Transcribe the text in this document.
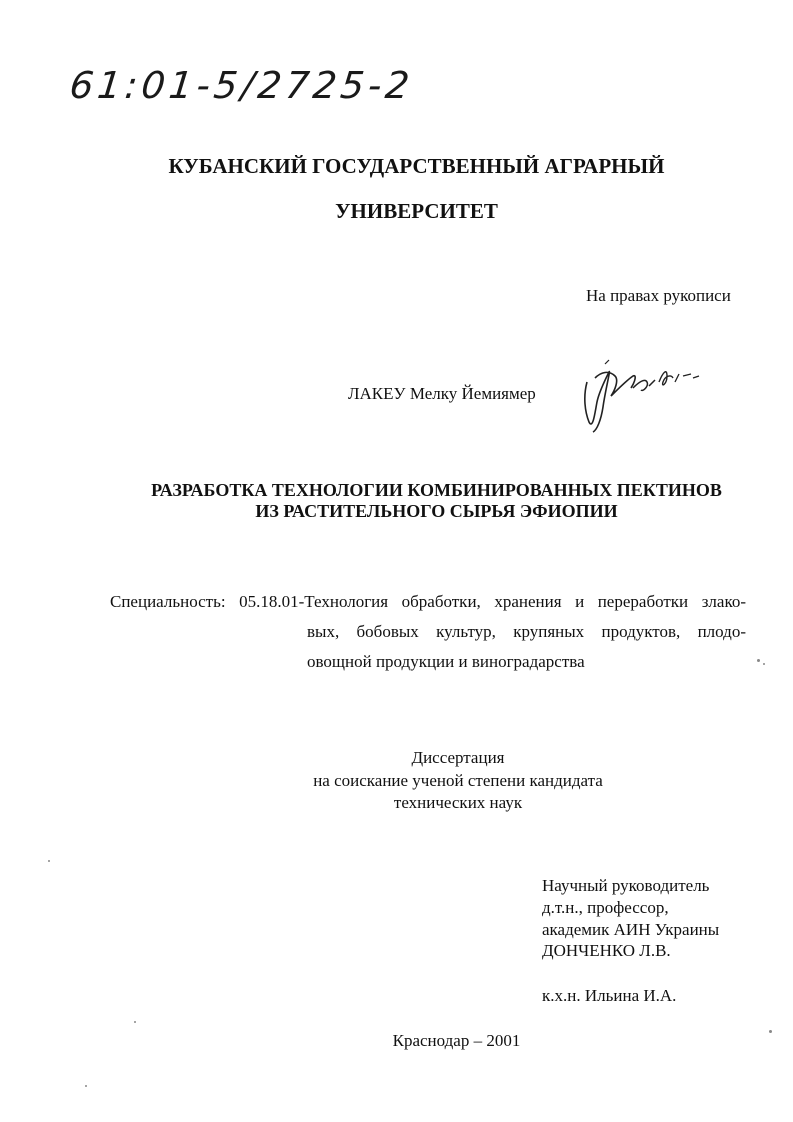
61:01-5/2725-2
КУБАНСКИЙ ГОСУДАРСТВЕННЫЙ АГРАРНЫЙ
УНИВЕРСИТЕТ
На правах рукописи
ЛАКЕУ Мелку Йемиямер
РАЗРАБОТКА ТЕХНОЛОГИИ КОМБИНИРОВАННЫХ ПЕКТИНОВ
ИЗ РАСТИТЕЛЬНОГО СЫРЬЯ ЭФИОПИИ
Специальность: 05.18.01-Технология обработки, хранения и переработки злако-
вых, бобовых культур, крупяных продуктов, плодо-
овощной продукции и виноградарства
Диссертация
на соискание ученой степени кандидата
технических наук
Научный руководитель
д.т.н., профессор,
академик АИН Украины
ДОНЧЕНКО Л.В.
к.х.н. Ильина И.А.
Краснодар – 2001
